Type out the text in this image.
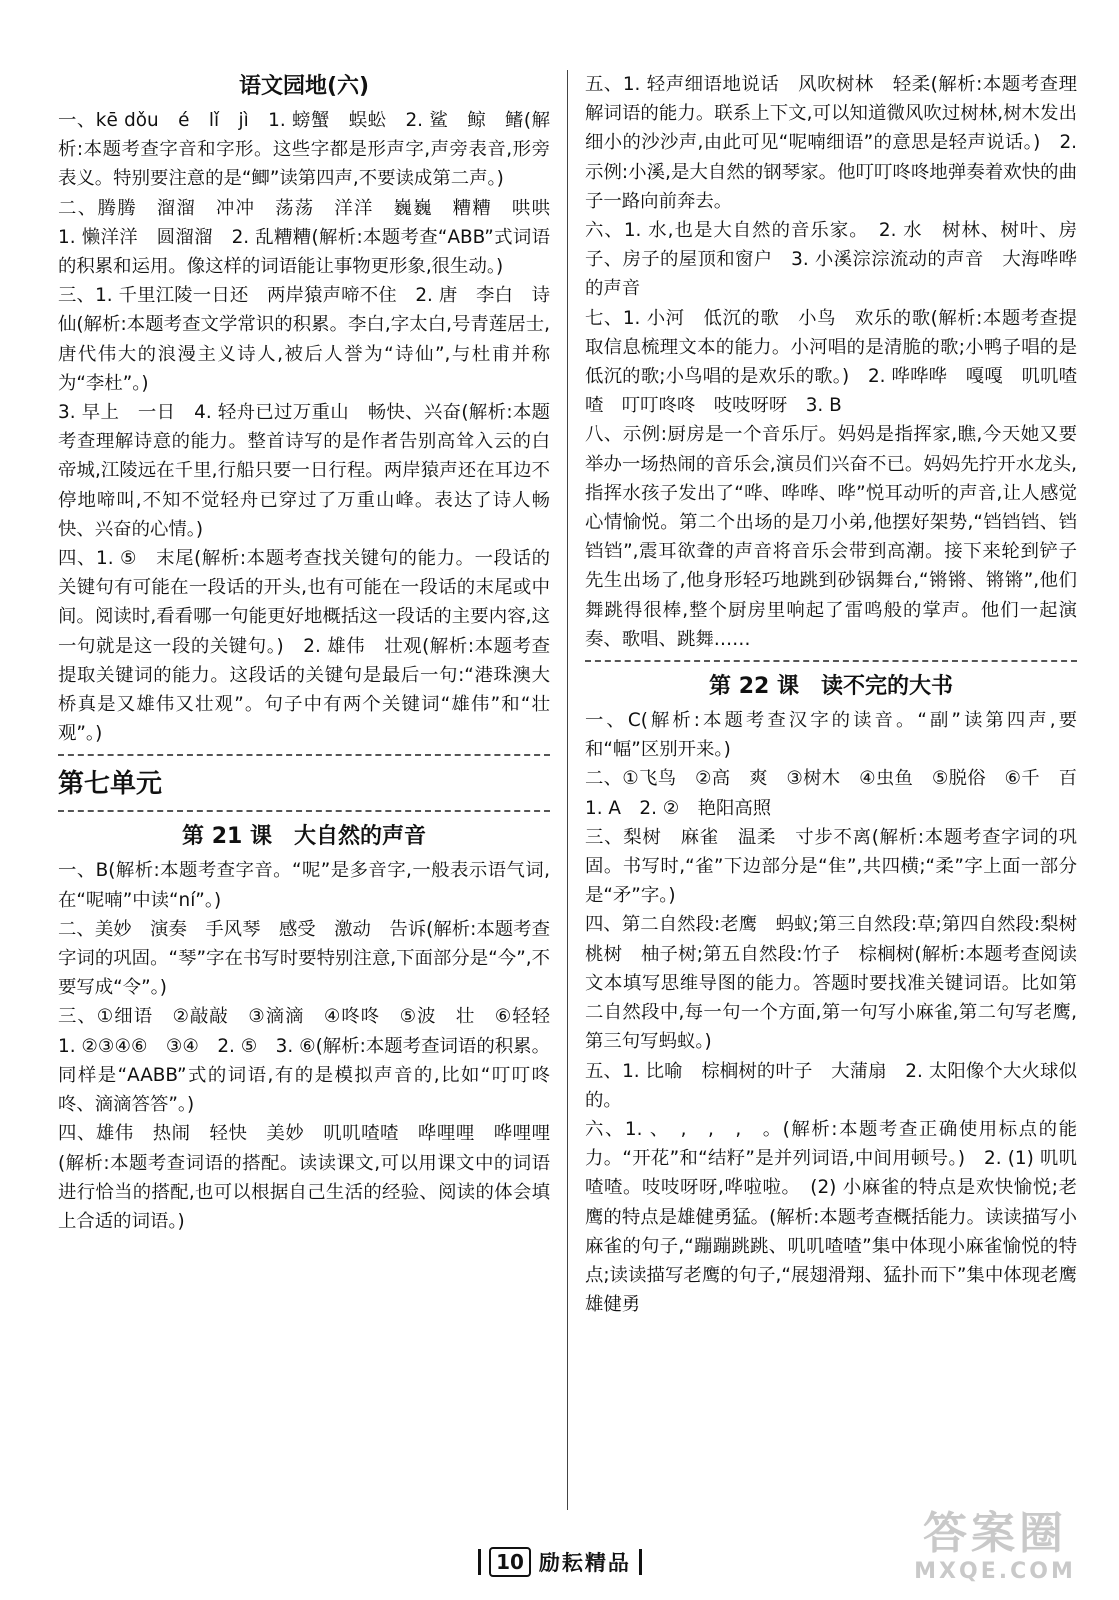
语文园地(六)

一、kē dǒu　é　lǐ　jì　1. 螃蟹　蜈蚣　2. 鲨　鲸　鳍(解析:本题考查字音和字形。这些字都是形声字,声旁表音,形旁表义。特别要注意的是“鲫”读第四声,不要读成第二声。)

二、腾腾　溜溜　冲冲　荡荡　洋洋　巍巍　糟糟　哄哄　1. 懒洋洋　圆溜溜　2. 乱糟糟(解析:本题考查“ABB”式词语的积累和运用。像这样的词语能让事物更形象,很生动。)

三、1. 千里江陵一日还　两岸猿声啼不住　2. 唐　李白　诗仙(解析:本题考查文学常识的积累。李白,字太白,号青莲居士,唐代伟大的浪漫主义诗人,被后人誉为“诗仙”,与杜甫并称为“李杜”。)

3. 早上　一日　4. 轻舟已过万重山　畅快、兴奋(解析:本题考查理解诗意的能力。整首诗写的是作者告别高耸入云的白帝城,江陵远在千里,行船只要一日行程。两岸猿声还在耳边不停地啼叫,不知不觉轻舟已穿过了万重山峰。表达了诗人畅快、兴奋的心情。)

四、1. ⑤　末尾(解析:本题考查找关键句的能力。一段话的关键句有可能在一段话的开头,也有可能在一段话的末尾或中间。阅读时,看看哪一句能更好地概括这一段话的主要内容,这一句就是这一段的关键句。)　2. 雄伟　壮观(解析:本题考查提取关键词的能力。这段话的关键句是最后一句:“港珠澳大桥真是又雄伟又壮观”。句子中有两个关键词“雄伟”和“壮观”。)

第七单元
第 21 课　大自然的声音

一、B(解析:本题考查字音。“呢”是多音字,一般表示语气词,在“呢喃”中读“ní”。)

二、美妙　演奏　手风琴　感受　激动　告诉(解析:本题考查字词的巩固。“琴”字在书写时要特别注意,下面部分是“今”,不要写成“令”。)

三、①细语　②敲敲　③滴滴　④咚咚　⑤波　壮　⑥轻轻　1. ②③④⑥　③④　2. ⑤　3. ⑥(解析:本题考查词语的积累。同样是“AABB”式的词语,有的是模拟声音的,比如“叮叮咚咚、滴滴答答”。)

四、雄伟　热闹　轻快　美妙　叽叽喳喳　哗哩哩　哗哩哩(解析:本题考查词语的搭配。读读课文,可以用课文中的词语进行恰当的搭配,也可以根据自己生活的经验、阅读的体会填上合适的词语。)

五、1. 轻声细语地说话　风吹树林　轻柔(解析:本题考查理解词语的能力。联系上下文,可以知道微风吹过树林,树木发出细小的沙沙声,由此可见“呢喃细语”的意思是轻声说话。)　2. 示例:小溪,是大自然的钢琴家。他叮叮咚咚地弹奏着欢快的曲子一路向前奔去。

六、1. 水,也是大自然的音乐家。　2. 水　树林、树叶、房子、房子的屋顶和窗户　3. 小溪淙淙流动的声音　大海哗哗的声音

七、1. 小河　低沉的歌　小鸟　欢乐的歌(解析:本题考查提取信息梳理文本的能力。小河唱的是清脆的歌;小鸭子唱的是低沉的歌;小鸟唱的是欢乐的歌。)　2. 哗哗哗　嘎嘎　叽叽喳喳　叮叮咚咚　吱吱呀呀　3. B

八、示例:厨房是一个音乐厅。妈妈是指挥家,瞧,今天她又要举办一场热闹的音乐会,演员们兴奋不已。妈妈先拧开水龙头,指挥水孩子发出了“哗、哗哗、哗”悦耳动听的声音,让人感觉心情愉悦。第二个出场的是刀小弟,他摆好架势,“铛铛铛、铛铛铛”,震耳欲聋的声音将音乐会带到高潮。接下来轮到铲子先生出场了,他身形轻巧地跳到砂锅舞台,“锵锵、锵锵”,他们舞跳得很棒,整个厨房里响起了雷鸣般的掌声。他们一起演奏、歌唱、跳舞……

第 22 课　读不完的大书

一、C(解析:本题考查汉字的读音。“副”读第四声,要和“幅”区别开来。)

二、①飞鸟　②高　爽　③树木　④虫鱼　⑤脱俗　⑥千　百　1. A　2. ②　艳阳高照

三、梨树　麻雀　温柔　寸步不离(解析:本题考查字词的巩固。书写时,“雀”下边部分是“隹”,共四横;“柔”字上面一部分是“矛”字。)

四、第二自然段:老鹰　蚂蚁;第三自然段:草;第四自然段:梨树　桃树　柚子树;第五自然段:竹子　棕榈树(解析:本题考查阅读文本填写思维导图的能力。答题时要找准关键词语。比如第二自然段中,每一句一个方面,第一句写小麻雀,第二句写老鹰,第三句写蚂蚁。)

五、1. 比喻　棕榈树的叶子　大蒲扇　2. 太阳像个大火球似的。

六、1. 、　,　,　,　。(解析:本题考查正确使用标点的能力。“开花”和“结籽”是并列词语,中间用顿号。)　2. (1) 叽叽喳喳。吱吱呀呀,哗啦啦。　(2) 小麻雀的特点是欢快愉悦;老鹰的特点是雄健勇猛。(解析:本题考查概括能力。读读描写小麻雀的句子,“蹦蹦跳跳、叽叽喳喳”集中体现小麻雀愉悦的特点;读读描写老鹰的句子,“展翅滑翔、猛扑而下”集中体现老鹰雄健勇

10 励耘精品
答案圈
MXQE.COM
